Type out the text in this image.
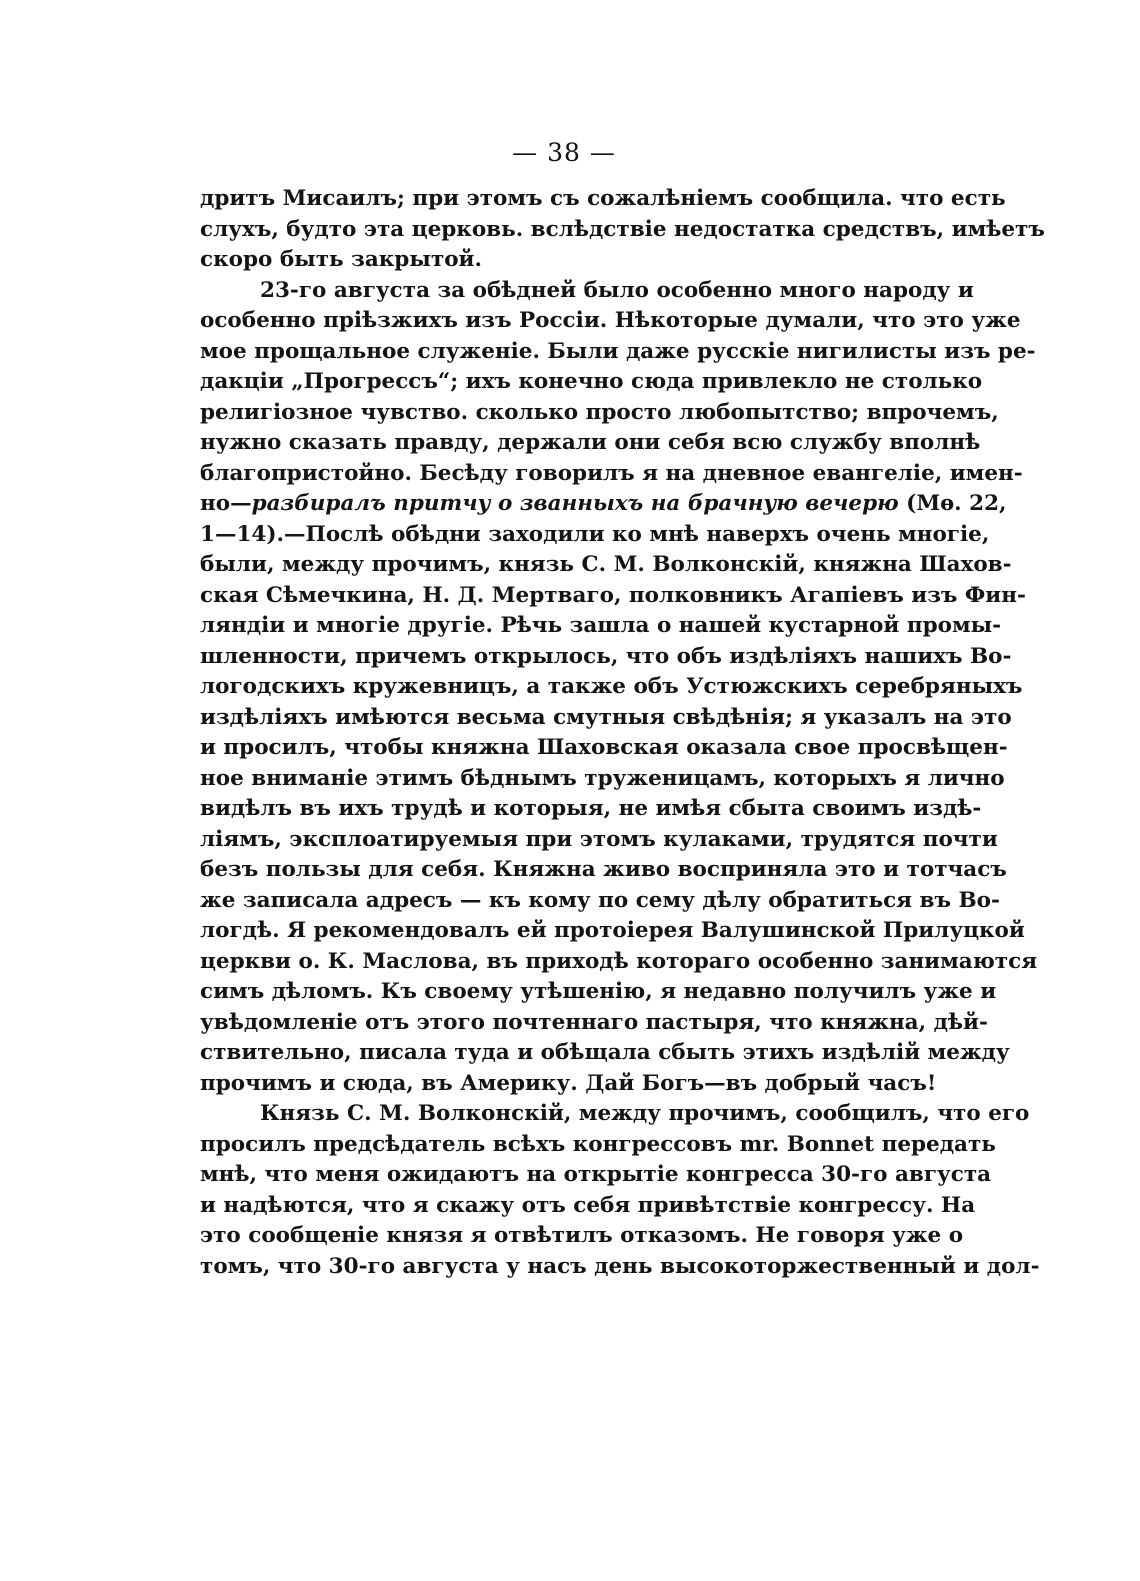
— 38 —
дритъ Мисаилъ; при этомъ съ сожалѣніемъ сообщила. что есть
слухъ, будто эта церковь. вслѣдствіе недостатка средствъ, имѣетъ
скоро быть закрытой.
23-го августа за обѣдней было особенно много народу и
особенно пріѣзжихъ изъ Россіи. Нѣкоторые думали, что это уже
мое прощальное служеніе. Были даже русскіе нигилисты изъ ре-
дакціи „Прогрессъ“; ихъ конечно сюда привлекло не столько
религіозное чувство. сколько просто любопытство; впрочемъ,
нужно сказать правду, держали они себя всю службу вполнѣ
благопристойно. Бесѣду говорилъ я на дневное евангеліе, имен-
но—разбиралъ притчу о званныхъ на брачную вечерю (Мѳ. 22,
1—14).—Послѣ обѣдни заходили ко мнѣ наверхъ очень многіе,
были, между прочимъ, князь С. М. Волконскій, княжна Шахов-
ская Сѣмечкина, Н. Д. Мертваго, полковникъ Агапіевъ изъ Фин-
ляндіи и многіе другіе. Рѣчь зашла о нашей кустарной промы-
шленности, причемъ открылось, что объ издѣліяхъ нашихъ Во-
логодскихъ кружевницъ, а также объ Устюжскихъ серебряныхъ
издѣліяхъ имѣются весьма смутныя свѣдѣнія; я указалъ на это
и просилъ, чтобы княжна Шаховская оказала свое просвѣщен-
ное вниманіе этимъ бѣднымъ труженицамъ, которыхъ я лично
видѣлъ въ ихъ трудѣ и которыя, не имѣя сбыта своимъ издѣ-
ліямъ, эксплоатируемыя при этомъ кулаками, трудятся почти
безъ пользы для себя. Княжна живо восприняла это и тотчасъ
же записала адресъ — къ кому по сему дѣлу обратиться въ Во-
логдѣ. Я рекомендовалъ ей протоіерея Валушинской Прилуцкой
церкви о. К. Маслова, въ приходѣ котораго особенно занимаются
симъ дѣломъ. Къ своему утѣшенію, я недавно получилъ уже и
увѣдомленіе отъ этого почтеннаго пастыря, что княжна, дѣй-
ствительно, писала туда и обѣщала сбыть этихъ издѣлій между
прочимъ и сюда, въ Америку. Дай Богъ—въ добрый часъ!
Князь С. М. Волконскій, между прочимъ, сообщилъ, что его
просилъ предсѣдатель всѣхъ конгрессовъ mr. Bonnet передать
мнѣ, что меня ожидаютъ на открытіе конгресса 30-го августа
и надѣются, что я скажу отъ себя привѣтствіе конгрессу. На
это сообщеніе князя я отвѣтилъ отказомъ. Не говоря уже о
томъ, что 30-го августа у насъ день высокоторжественный и дол-
